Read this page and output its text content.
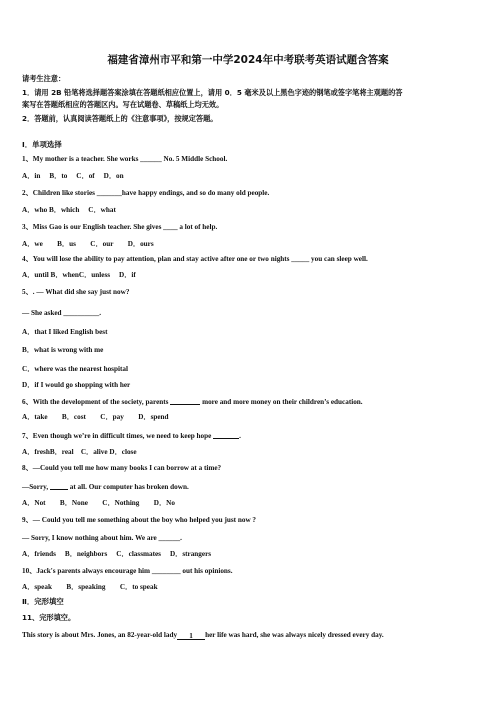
福建省漳州市平和第一中学2024年中考联考英语试题含答案
请考生注意：
1．请用 2B 铅笔将选择题答案涂填在答题纸相应位置上，请用 0．5 毫米及以上黑色字迹的钢笔或签字笔将主观题的答
案写在答题纸相应的答题区内。写在试题卷、草稿纸上均无效。
2．答题前，认真阅读答题纸上的《注意事项》，按规定答题。
Ⅰ．单项选择
1、My mother is a teacher. She works ______ No. 5 Middle School.
A．in　 B．to　 C．of　 D．on
2、Children like stories _______have happy endings, and so do many old people.
A．who B．which　 C．what
3、Miss Gao is our English teacher. She gives ____ a lot of help.
A．we　　B．us　　C．our　　D．ours
4、You will lose the ability to pay attention, plan and stay active after one or two nights _____ you can sleep well.
A．until B．whenC．unless　 D．if
5、. — What did she say just now?
— She asked __________.
A．that I liked English best
B．what is wrong with me
C．where was the nearest hospital
D．if I would go shopping with her
6、With the development of the society, parents	more and more money on their children’s education.
A．take　　B．cost　　C．pay　　D．spend
7、Even though we’re in difficult times, we need to keep hope	.
A．freshB．real　C．alive D．close
8、—Could you tell me how many books I can borrow at a time?
—Sorry,	at all. Our computer has broken down.
A．Not　　B．None　　C．Nothing　　D．No
9、— Could you tell me something about the boy who helped you just now ?
— Sorry, I know nothing about him. We are ______.
A．friends　 B．neighbors　 C．classmates　 D．strangers
10、Jack's parents always encourage him ________ out his opinions.
A．speak　　B．speaking　　C．to speak
Ⅱ．完形填空
11、完形填空。
This story is about Mrs. Jones, an 82-year-old lady 1 her life was hard, she was always nicely dressed every day.
